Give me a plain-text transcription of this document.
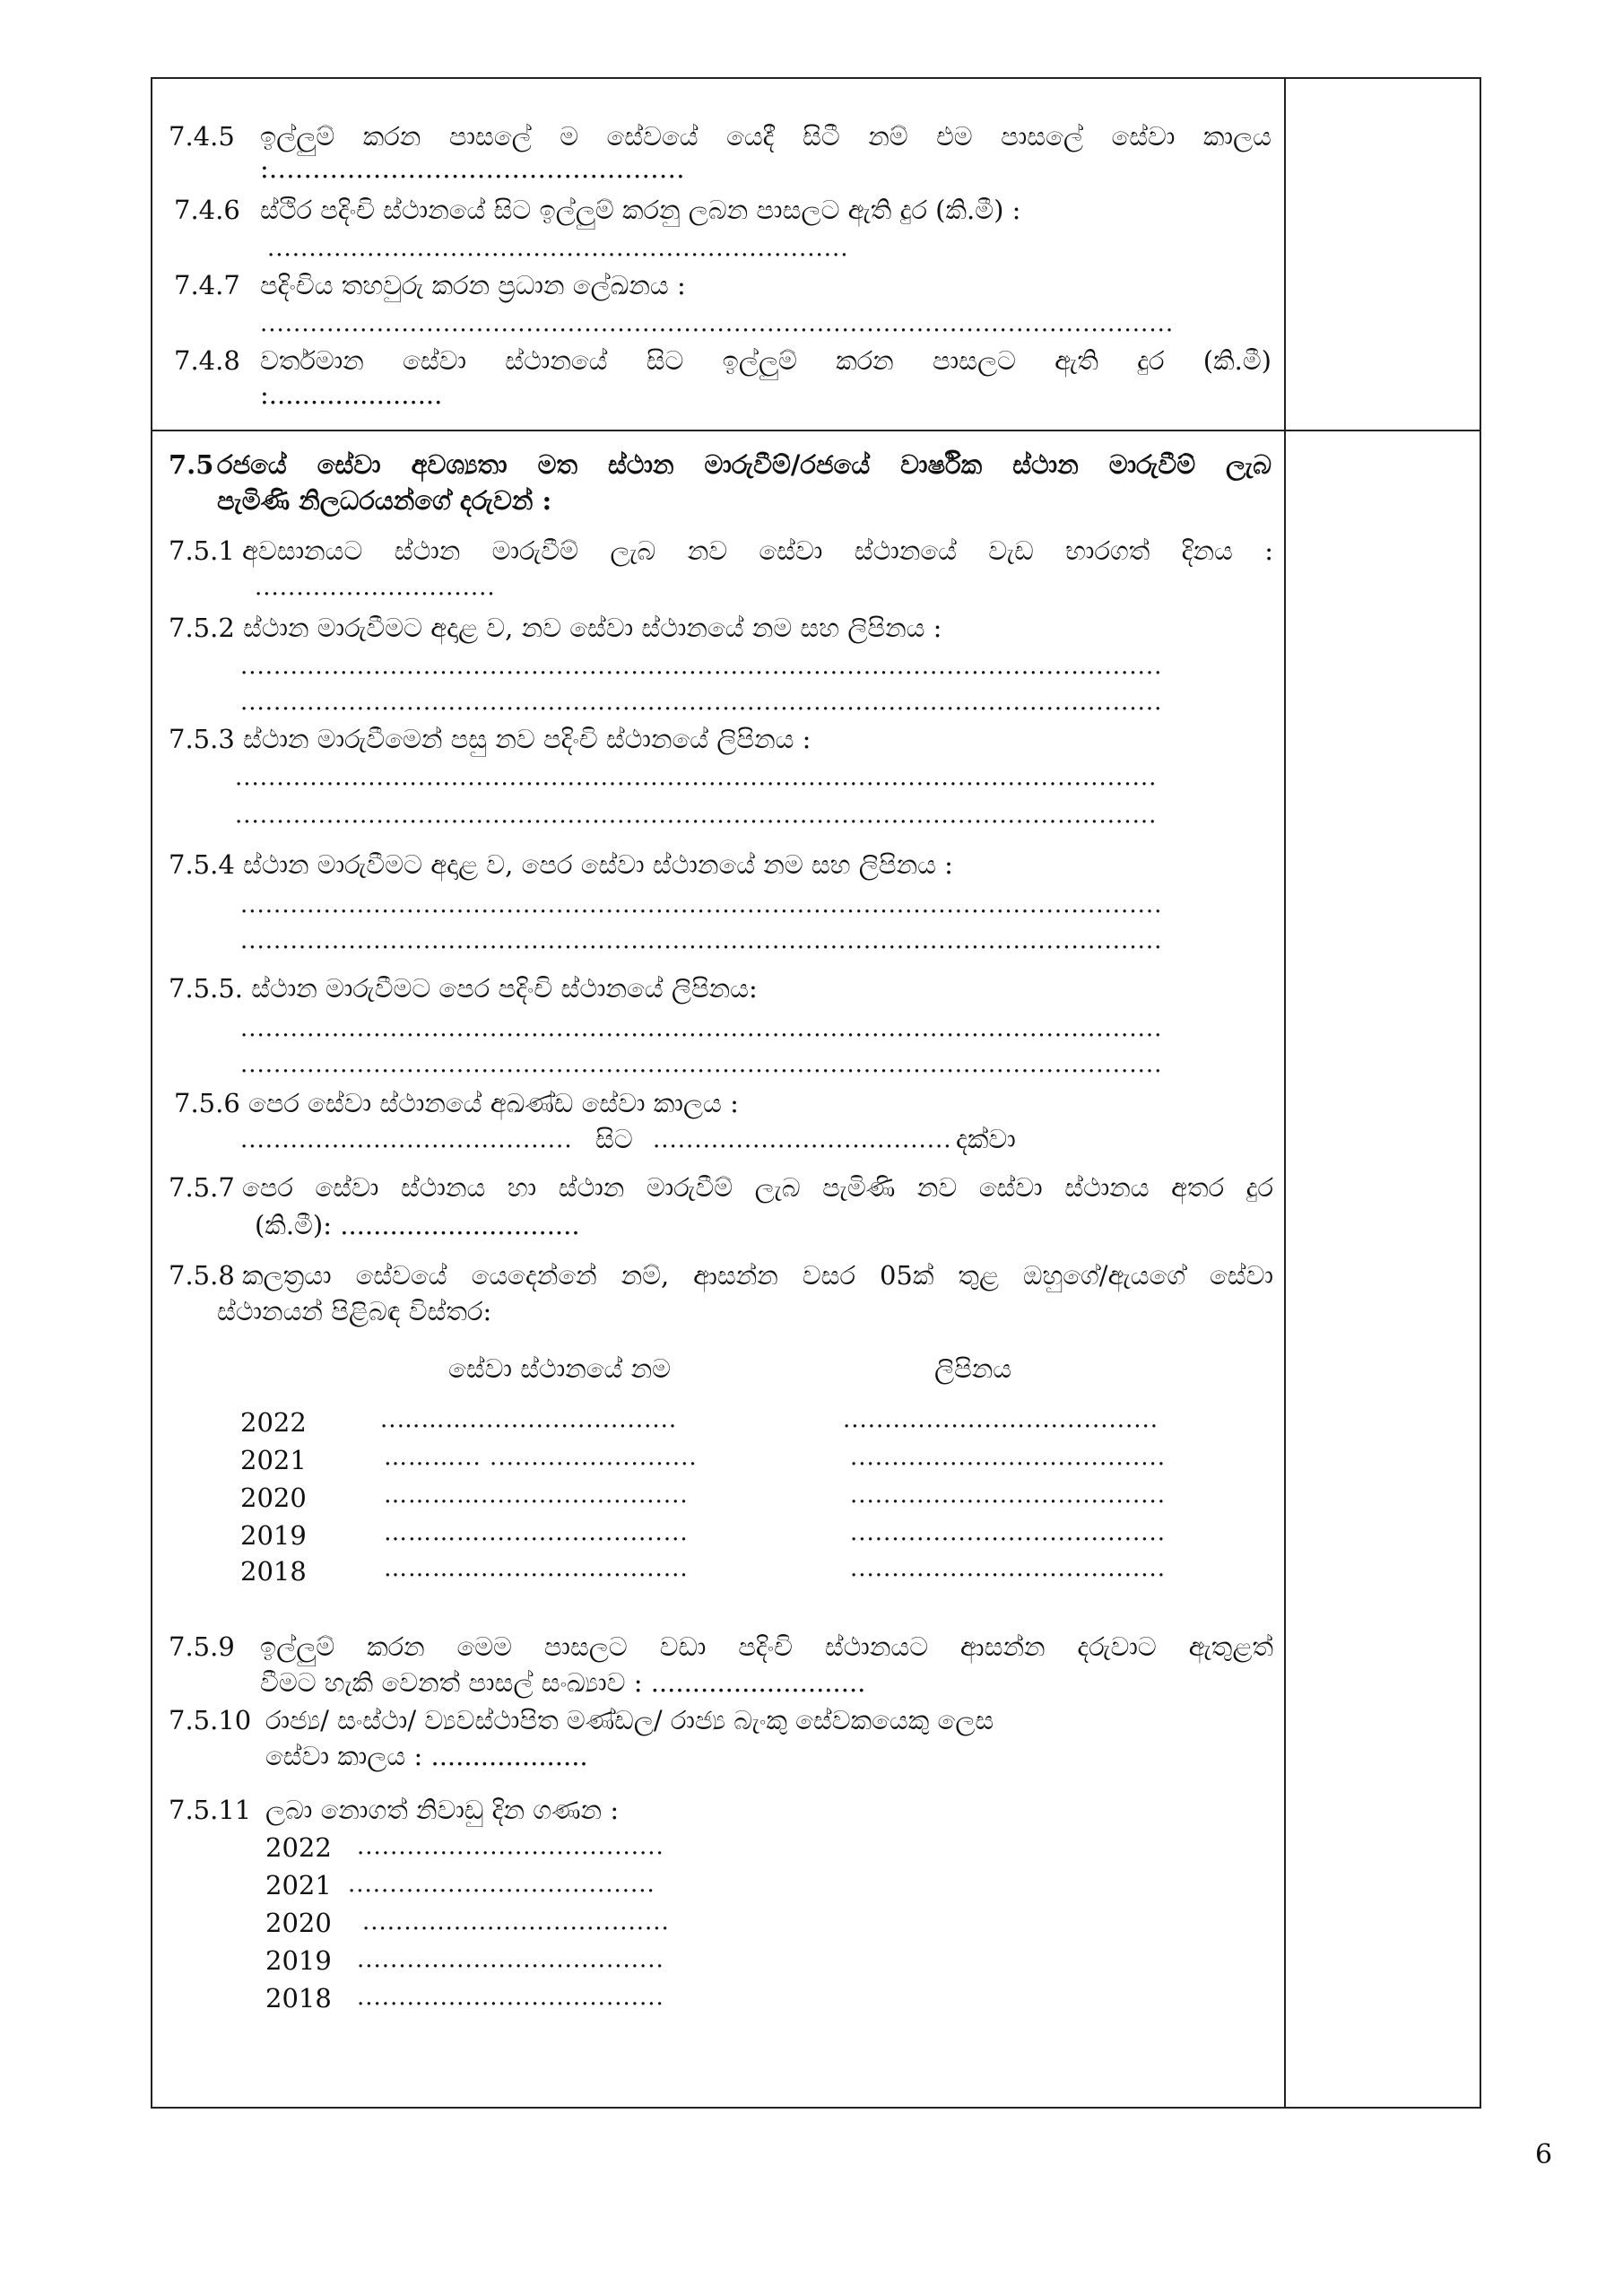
7.4.5 ඉල්ලුම් කරන පාසලේ ම සේවයේ යෙදී සිටී නම් එම පාසලේ සේවා කාලය
:…………………………………………
7.4.6 ස්ථිර පදිංචි ස්ථානයේ සිට ඉල්ලුම් කරනු ලබන පාසලට ඇති දුර (කි.මී) :
......................................................................
7.4.7 පදිංචිය තහවුරු කරන ප්‍රධාන ලේඛනය :
..............................................................................................................
7.4.8 වර්තමාන සේවා ස්ථානයේ සිට ඉල්ලුම් කරන පාසලට ඇති දුර (කි.මී)
:.....................
7.5 රජයේ සේවා අවශ්‍යතා මත ස්ථාන මාරුවීම්/රජයේ වාර්ෂික ස්ථාන මාරුවීම් ලැබ
පැමිණි නිලධරයන්ගේ දරුවන් :
7.5.1 අවසානයට ස්ථාන මාරුවීම් ලැබ නව සේවා ස්ථානයේ වැඩ භාරගත් දිනය :
.............................
7.5.2 ස්ථාන මාරුවීමට අදාළ ව, නව සේවා ස්ථානයේ නම සහ ලිපිනය :
...............................................................................................................
...............................................................................................................
7.5.3 ස්ථාන මාරුවීමෙන් පසු නව පදිංචි ස්ථානයේ ලිපිනය :
...............................................................................................................
...............................................................................................................
7.5.4 ස්ථාන මාරුවීමට අදාළ ව, පෙර සේවා ස්ථානයේ නම සහ ලිපිනය :
...............................................................................................................
...............................................................................................................
7.5.5. ස්ථාන මාරුවීමට පෙර පදිංචි ස්ථානයේ ලිපිනය:
...............................................................................................................
...............................................................................................................
7.5.6 පෙර සේවා ස්ථානයේ අඛණ්ඩ සේවා කාලය :
........................................ සිට .................................... දක්වා
7.5.7 පෙර සේවා ස්ථානය හා ස්ථාන මාරුවීම් ලැබ පැමිණි නව සේවා ස්ථානය අතර දුර
(කි.මී): .............................
7.5.8 කලත්‍රයා සේවයේ යෙදෙන්නේ නම්, ආසන්න වසර 05ක් තුළ ඔහුගේ/ඇයගේ සේවා
ස්ථානයන් පිළිබඳ විස්තර:
සේවා ස්ථානයේ නම	ලිපිනය
2022	..……….........................	......................................
2021	………... .........................	......................................
2020	………….........................	......................................
2019	………….........................	......................................
2018	………….........................	......................................
7.5.9 ඉල්ලුම් කරන මෙම පාසලට වඩා පදිංචි ස්ථානයට ආසන්න දරුවාට ඇතුළත්
වීමට හැකි වෙනත් පාසල් සංඛ්‍යාව : ..........................
7.5.10 රාජ්‍ය/ සංස්ථා/ ව්‍යවස්ථාපිත මණ්ඩල/ රාජ්‍ය බැංකු සේවකයෙකු ලෙස
සේවා කාලය : ...................
7.5.11 ලබා නොගත් නිවාඩු දින ගණන :
2022 .....................................
2021 .....................................
2020 .....................................
2019 .....................................
2018 .....................................
6
